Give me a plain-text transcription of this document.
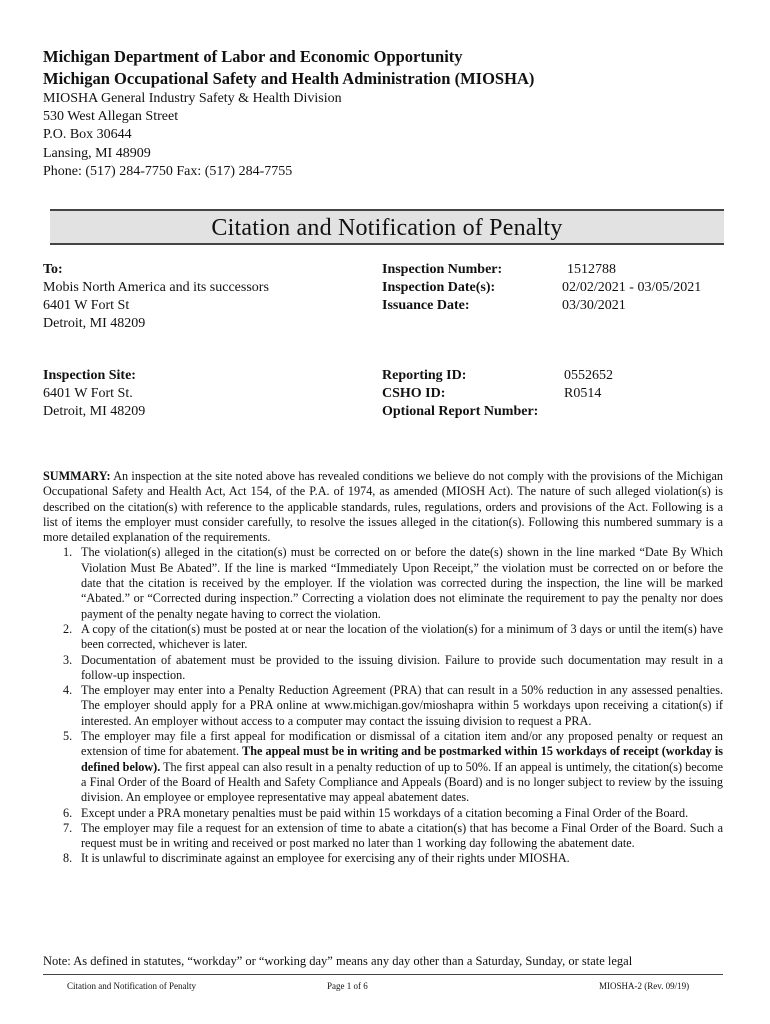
Michigan Department of Labor and Economic Opportunity
Michigan Occupational Safety and Health Administration (MIOSHA)
MIOSHA General Industry Safety & Health Division
530 West Allegan Street
P.O. Box 30644
Lansing, MI 48909
Phone: (517) 284-7750 Fax: (517) 284-7755
Citation and Notification of Penalty
To:
Mobis North America and its successors
6401 W Fort St
Detroit, MI 48209
Inspection Number:
Inspection Date(s):
Issuance Date:
1512788
02/02/2021 - 03/05/2021
03/30/2021
Inspection Site:
6401 W Fort St.
Detroit, MI 48209
Reporting ID:
CSHO ID:
Optional Report Number:
0552652
R0514

SUMMARY: An inspection at the site noted above has revealed conditions we believe do not comply with the provisions of the Michigan Occupational Safety and Health Act, Act 154, of the P.A. of 1974, as amended (MIOSH Act). The nature of such alleged violation(s) is described on the citation(s) with reference to the applicable standards, rules, regulations, orders and provisions of the Act. Following is a list of items the employer must consider carefully, to resolve the issues alleged in the citation(s). Following this numbered summary is a more detailed explanation of the requirements.

1. The violation(s) alleged in the citation(s) must be corrected on or before the date(s) shown in the line marked “Date By Which Violation Must Be Abated”. If the line is marked “Immediately Upon Receipt,” the violation must be corrected on or before the date that the citation is received by the employer. If the violation was corrected during the inspection, the line will be marked “Abated.” or “Corrected during inspection.” Correcting a violation does not eliminate the requirement to pay the penalty nor does payment of the penalty negate having to correct the violation.
2. A copy of the citation(s) must be posted at or near the location of the violation(s) for a minimum of 3 days or until the item(s) have been corrected, whichever is later.
3. Documentation of abatement must be provided to the issuing division. Failure to provide such documentation may result in a follow-up inspection.
4. The employer may enter into a Penalty Reduction Agreement (PRA) that can result in a 50% reduction in any assessed penalties. The employer should apply for a PRA online at www.michigan.gov/mioshapra within 5 workdays upon receiving a citation(s) if interested. An employer without access to a computer may contact the issuing division to request a PRA.
5. The employer may file a first appeal for modification or dismissal of a citation item and/or any proposed penalty or request an extension of time for abatement. The appeal must be in writing and be postmarked within 15 workdays of receipt (workday is defined below). The first appeal can also result in a penalty reduction of up to 50%. If an appeal is untimely, the citation(s) become a Final Order of the Board of Health and Safety Compliance and Appeals (Board) and is no longer subject to review by the issuing division. An employee or employee representative may appeal abatement dates.
6. Except under a PRA monetary penalties must be paid within 15 workdays of a citation becoming a Final Order of the Board.
7. The employer may file a request for an extension of time to abate a citation(s) that has become a Final Order of the Board. Such a request must be in writing and received or post marked no later than 1 working day following the abatement date.
8. It is unlawful to discriminate against an employee for exercising any of their rights under MIOSHA.
Note: As defined in statutes, “workday” or “working day” means any day other than a Saturday, Sunday, or state legal
Citation and Notification of Penalty	Page 1 of 6	MIOSHA-2 (Rev. 09/19)
